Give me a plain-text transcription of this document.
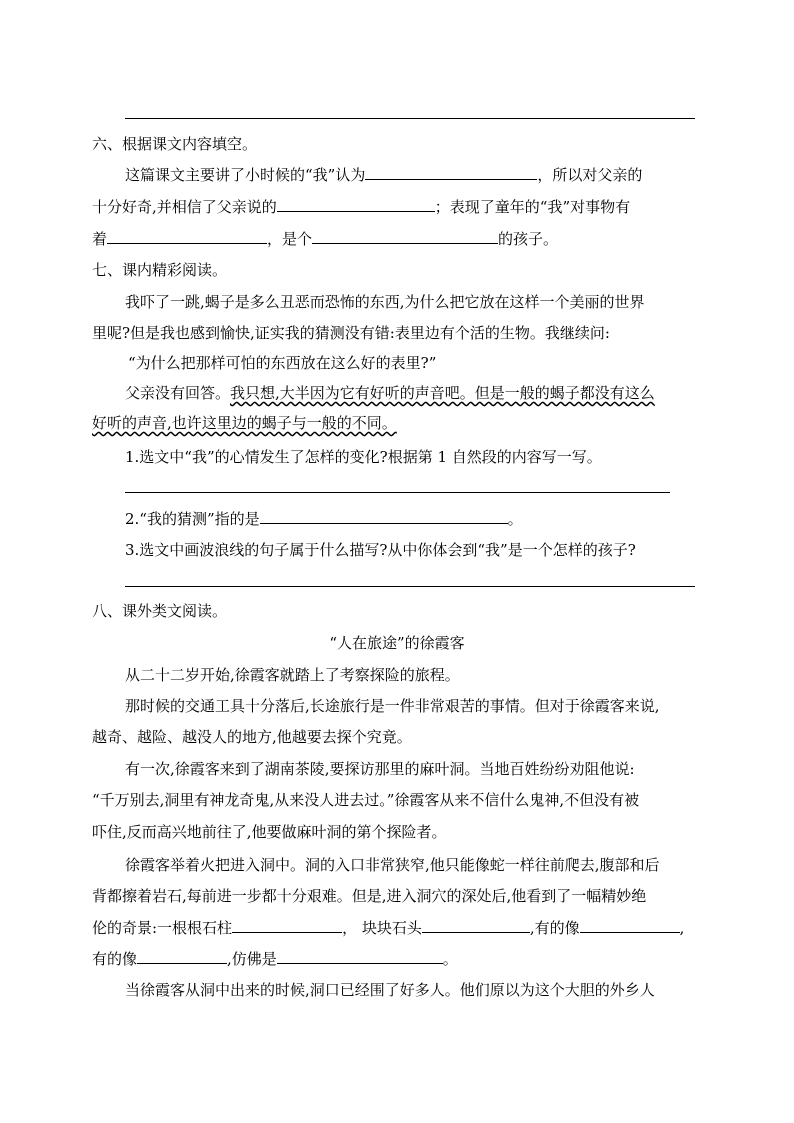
六、根据课文内容填空。
这篇课文主要讲了小时候的“我”认为	，所以对父亲的
十分好奇,并相信了父亲说的	；表现了童年的“我”对事物有
着	，是个	的孩子。
七、课内精彩阅读。
我吓了一跳,蝎子是多么丑恶而恐怖的东西,为什么把它放在这样一个美丽的世界
里呢?但是我也感到愉快,证实我的猜测没有错:表里边有个活的生物。我继续问:
“为什么把那样可怕的东西放在这么好的表里?”
父亲没有回答。我只想,大半因为它有好听的声音吧。但是一般的蝎子都没有这么
好听的声音,也许这里边的蝎子与一般的不同。
1.选文中“我”的心情发生了怎样的变化?根据第 1 自然段的内容写一写。
2.“我的猜测”指的是	。
3.选文中画波浪线的句子属于什么描写?从中你体会到“我”是一个怎样的孩子?
八、课外类文阅读。
“人在旅途”的徐霞客
从二十二岁开始,徐霞客就踏上了考察探险的旅程。
那时候的交通工具十分落后,长途旅行是一件非常艰苦的事情。但对于徐霞客来说,
越奇、越险、越没人的地方,他越要去探个究竟。
有一次,徐霞客来到了湖南茶陵,要探访那里的麻叶洞。当地百姓纷纷劝阻他说:
“千万别去,洞里有神龙奇鬼,从来没人进去过。”徐霞客从来不信什么鬼神,不但没有被
吓住,反而高兴地前往了,他要做麻叶洞的第个探险者。
徐霞客举着火把进入洞中。洞的入口非常狭窄,他只能像蛇一样往前爬去,腹部和后
背都擦着岩石,每前进一步都十分艰难。但是,进入洞穴的深处后,他看到了一幅精妙绝
伦的奇景:一根根石柱	， 块块石头	,有的像	,
有的像	,仿佛是	。
当徐霞客从洞中出来的时候,洞口已经围了好多人。他们原以为这个大胆的外乡人
